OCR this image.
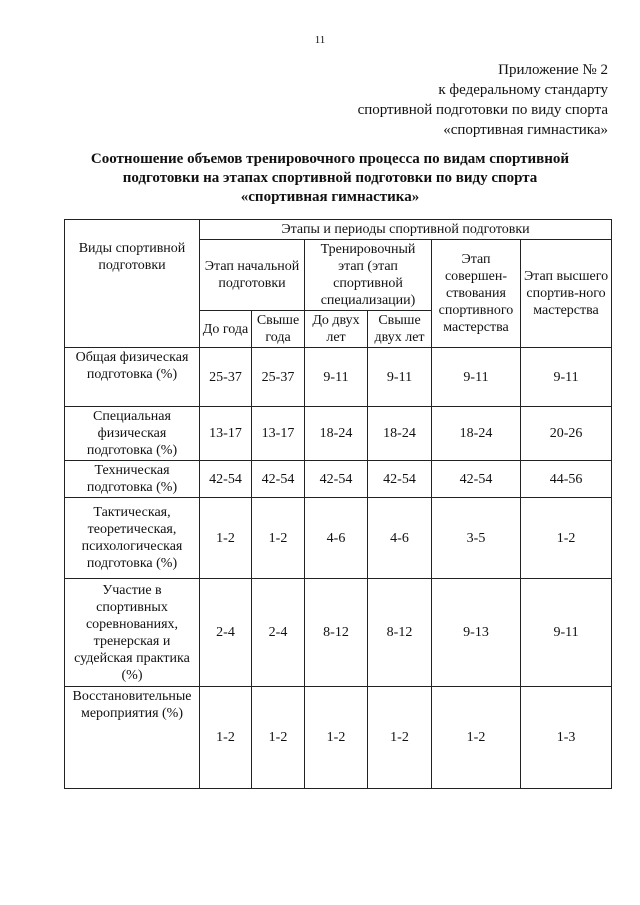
11
Приложение № 2
к федеральному стандарту
спортивной подготовки по виду спорта
«спортивная гимнастика»
Соотношение объемов тренировочного процесса по видам спортивной
подготовки на этапах спортивной подготовки по виду спорта
«спортивная гимнастика»
Виды спортивной подготовки	Этапы и периоды спортивной подготовки					
	Этап начальной подготовки		Тренировочный этап (этап спортивной специализации)		Этап совершен-ствования спортивного мастерства	Этап высшего спортив-ного мастерства
	До года	Свыше года	До двух лет	Свыше двух лет		
Общая физическая подготовка (%)	25-37	25-37	9-11	9-11	9-11	9-11
Специальная физическая подготовка (%)	13-17	13-17	18-24	18-24	18-24	20-26
Техническая подготовка (%)	42-54	42-54	42-54	42-54	42-54	44-56
Тактическая, теоретическая, психологическая подготовка (%)	1-2	1-2	4-6	4-6	3-5	1-2
Участие в спортивных соревнованиях, тренерская и судейская практика (%)	2-4	2-4	8-12	8-12	9-13	9-11
Восстановительные мероприятия (%)	1-2	1-2	1-2	1-2	1-2	1-3
